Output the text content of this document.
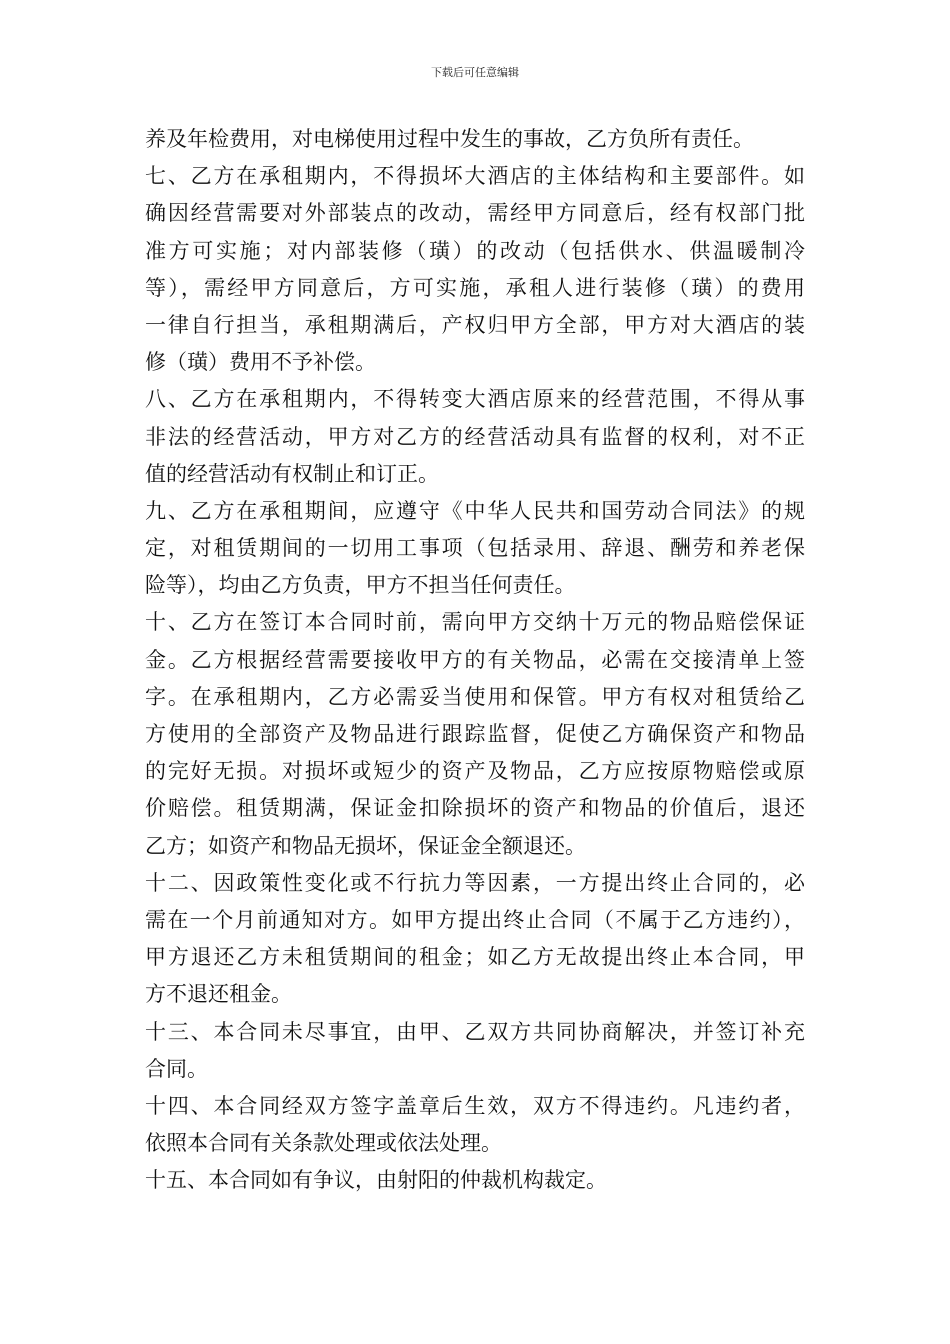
下载后可任意编辑
养及年检费用，对电梯使用过程中发生的事故，乙方负所有责任。
七、乙方在承租期内，不得损坏大酒店的主体结构和主要部件。如
确因经营需要对外部装点的改动，需经甲方同意后，经有权部门批
准方可实施；对内部装修（璜）的改动（包括供水、供温暖制冷
等），需经甲方同意后，方可实施，承租人进行装修（璜）的费用
一律自行担当，承租期满后，产权归甲方全部，甲方对大酒店的装
修（璜）费用不予补偿。
八、乙方在承租期内，不得转变大酒店原来的经营范围，不得从事
非法的经营活动，甲方对乙方的经营活动具有监督的权利，对不正
值的经营活动有权制止和订正。
九、乙方在承租期间，应遵守《中华人民共和国劳动合同法》的规
定，对租赁期间的一切用工事项（包括录用、辞退、酬劳和养老保
险等），均由乙方负责，甲方不担当任何责任。
十、乙方在签订本合同时前，需向甲方交纳十万元的物品赔偿保证
金。乙方根据经营需要接收甲方的有关物品，必需在交接清单上签
字。在承租期内，乙方必需妥当使用和保管。甲方有权对租赁给乙
方使用的全部资产及物品进行跟踪监督，促使乙方确保资产和物品
的完好无损。对损坏或短少的资产及物品，乙方应按原物赔偿或原
价赔偿。租赁期满，保证金扣除损坏的资产和物品的价值后，退还
乙方；如资产和物品无损坏，保证金全额退还。
十二、因政策性变化或不行抗力等因素，一方提出终止合同的，必
需在一个月前通知对方。如甲方提出终止合同（不属于乙方违约），
甲方退还乙方未租赁期间的租金；如乙方无故提出终止本合同，甲
方不退还租金。
十三、本合同未尽事宜，由甲、乙双方共同协商解决，并签订补充
合同。
十四、本合同经双方签字盖章后生效，双方不得违约。凡违约者，
依照本合同有关条款处理或依法处理。
十五、本合同如有争议，由射阳的仲裁机构裁定。
